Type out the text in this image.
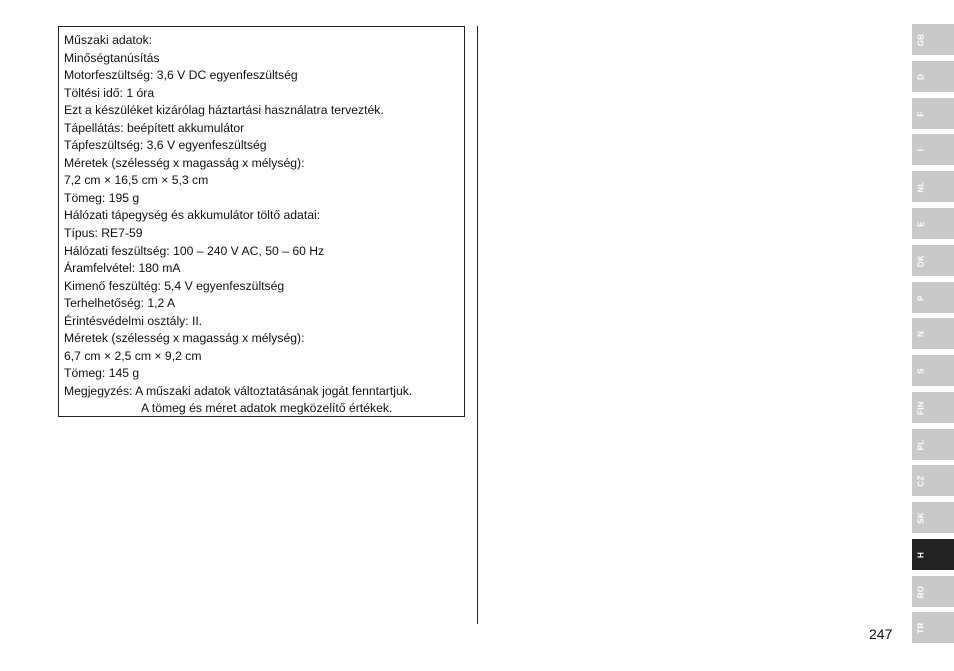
Műszaki adatok:
Minőségtanúsítás
Motorfeszültség: 3,6 V DC egyenfeszültség
Töltési idő: 1 óra
Ezt a készüléket kizárólag háztartási használatra tervezték.
Tápellátás: beépített akkumulátor
Tápfeszültség: 3,6 V egyenfeszültség
Méretek (szélesség x magasság x mélység):
7,2 cm × 16,5 cm × 5,3 cm
Tömeg: 195 g
Hálózati tápegység és akkumulátor töltő adatai:
Típus: RE7-59
Hálózati feszültség: 100 – 240 V AC, 50 – 60 Hz
Áramfelvétel: 180 mA
Kimenő feszültég: 5,4 V egyenfeszültség
Terhelhetőség: 1,2 A
Érintésvédelmi osztály: II.
Méretek (szélesség x magasság x mélység):
6,7 cm × 2,5 cm × 9,2 cm
Tömeg: 145 g
Megjegyzés: A műszaki adatok változtatásának jogát fenntartjuk.
A tömeg és méret adatok megközelítő értékek.
GB
D
F
I
NL
E
DK
P
N
S
FIN
PL
CZ
SK
H
RO
TR
247
